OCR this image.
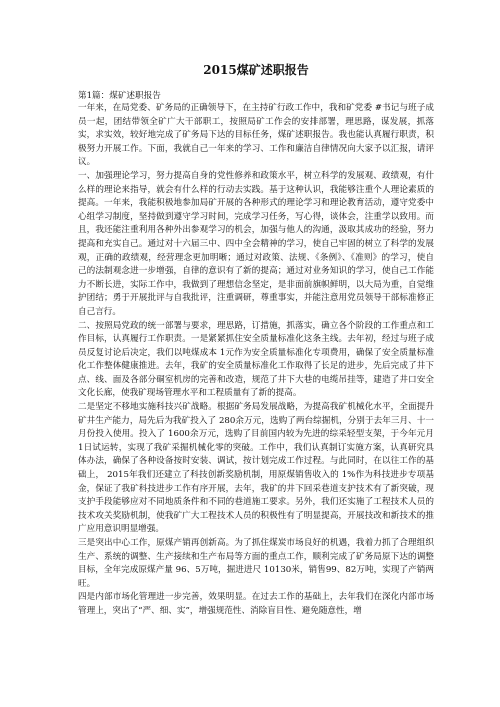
2015煤矿述职报告

第1篇：煤矿述职报告

一年来，在局党委、矿务局的正确领导下，在主持矿行政工作中，我和矿党委 #书记与班子成员一起，团结带领全矿广大干部职工，按照局矿工作会的安排部署，理思路，谋发展，抓落实，求实效，较好地完成了矿务局下达的目标任务，煤矿述职报告。我也能认真履行职责，积极努力开展工作。下面，我就自己一年来的学习、工作和廉洁自律情况向大家予以汇报，请评议。

一、加强理论学习，努力提高自身的党性修养和政策水平，树立科学的发展观、政绩观，有什么样的理论来指导，就会有什么样的行动去实践。基于这种认识，我能够注重个人理论素质的提高。一年来，我能积极地参加局矿开展的各种形式的理论学习和理论教育活动，遵守党委中心组学习制度，坚持做到遵守学习时间，完成学习任务，写心得，谈体会，注重学以致用。而且，我还能注重利用各种外出参观学习的机会，加强与他人的沟通，汲取其成功的经验，努力提高和充实自己。通过对十六届三中、四中全会精神的学习，使自己牢固的树立了科学的发展观，正确的政绩观，经营理念更加明晰；通过对政策、法规、《条例》、《准则》的学习，使自己的法制观念进一步增强，自律的意识有了新的提高；通过对业务知识的学习，使自己工作能力不断长进，实际工作中，我做到了理想信念坚定，是非面前旗帜鲜明，以大局为重，自觉维护团结；勇于开展批评与自我批评，注重调研，尊重事实，并能注意用党员领导干部标准修正自己言行。

二、按照局党政的统一部署与要求，理思路，订措施，抓落实，确立各个阶段的工作重点和工作目标，认真履行工作职责。一是紧紧抓住安全质量标准化这条主线。去年初，经过与班子成员反复讨论后决定，我们以吨煤成本 1元作为安全质量标准化专项费用，确保了安全质量标准化工作整体健康推进。去年，我矿的安全质量标准化工作取得了长足的进步，先后完成了井下点、线、面及各部分硐室机房的完善和改造，规范了井下大巷的电缆吊挂等，建造了井口安全文化长廊，使我矿现场管理水平和工程质量有了新的提高。

二是坚定不移地实施科技兴矿战略。根据矿务局发展战略，为提高我矿机械化水平，全面提升矿井生产能力，局先后为我矿投入了 280余万元，选购了两台综掘机，分别于去年三月、十一月份投入使用。投入了 1600余万元，选购了目前国内较为先进的综采轻型支架，于今年元月 1日试运转，实现了我矿采掘机械化零的突破。工作中，我们认真制订实施方案，认真研究具体办法，确保了各种设备按时安装、调试，按计划完成工作过程。与此同时，在以往工作的基础上， 2015年我们还建立了科技创新奖励机制，用原煤销售收入的 1%作为科技进步专项基金，保证了我矿科技进步工作有序开展，去年，我矿的井下回采巷道支护技术有了新突破，现支护手段能够应对不同地质条件和不同的巷道施工要求。另外，我们还实施了工程技术人员的技术攻关奖励机制，使我矿广大工程技术人员的积极性有了明显提高，开展技改和新技术的推广应用意识明显增强。

三是突出中心工作，原煤产销再创新高。为了抓住煤炭市场良好的机遇，我着力抓了合理组织生产、系统的调整、生产接续和生产布局等方面的重点工作，顺利完成了矿务局原下达的调整目标，全年完成原煤产量 96、5万吨，掘进进尺 10130米，销售99、82万吨，实现了产销两旺。

四是内部市场化管理进一步完善，效果明显。在过去工作的基础上，去年我们在深化内部市场管理上，突出了“严、细、实”，增强规范性、消除盲目性、避免随意性，增
